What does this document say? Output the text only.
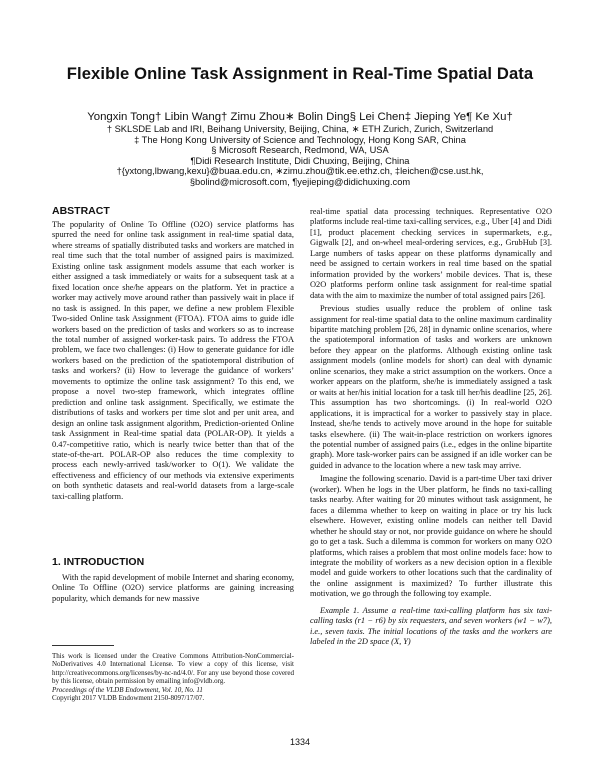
Flexible Online Task Assignment in Real-Time Spatial Data
Yongxin Tong† Libin Wang† Zimu Zhou∗ Bolin Ding§ Lei Chen‡ Jieping Ye¶ Ke Xu†
† SKLSDE Lab and IRI, Beihang University, Beijing, China, ∗ ETH Zurich, Zurich, Switzerland
‡ The Hong Kong University of Science and Technology, Hong Kong SAR, China
§ Microsoft Research, Redmond, WA, USA
¶Didi Research Institute, Didi Chuxing, Beijing, China
†{yxtong,lbwang,kexu}@buaa.edu.cn, ∗zimu.zhou@tik.ee.ethz.ch, ‡leichen@cse.ust.hk,
§bolind@microsoft.com, ¶yejieping@didichuxing.com
ABSTRACT

The popularity of Online To Offline (O2O) service platforms has spurred the need for online task assignment in real-time spatial data, where streams of spatially distributed tasks and workers are matched in real time such that the total number of assigned pairs is maximized. Existing online task assignment models assume that each worker is either assigned a task immediately or waits for a subsequent task at a fixed location once she/he appears on the platform. Yet in practice a worker may actively move around rather than passively wait in place if no task is assigned. In this paper, we define a new problem Flexible Two-sided Online task Assignment (FTOA). FTOA aims to guide idle workers based on the prediction of tasks and workers so as to increase the total number of assigned worker-task pairs. To address the FTOA problem, we face two challenges: (i) How to generate guidance for idle workers based on the prediction of the spatiotemporal distribution of tasks and workers? (ii) How to leverage the guidance of workers’ movements to optimize the online task assignment? To this end, we propose a novel two-step framework, which integrates offline prediction and online task assignment. Specifically, we estimate the distributions of tasks and workers per time slot and per unit area, and design an online task assignment algorithm, Prediction-oriented Online task Assignment in Real-time spatial data (POLAR-OP). It yields a 0.47-competitive ratio, which is nearly twice better than that of the state-of-the-art. POLAR-OP also reduces the time complexity to process each newly-arrived task/worker to O(1). We validate the effectiveness and efficiency of our methods via extensive experiments on both synthetic datasets and real-world datasets from a large-scale taxi-calling platform.

1. INTRODUCTION

With the rapid development of mobile Internet and sharing economy, Online To Offline (O2O) service platforms are gaining increasing popularity, which demands for new massive

This work is licensed under the Creative Commons Attribution-NonCommercial-NoDerivatives 4.0 International License. To view a copy of this license, visit http://creativecommons.org/licenses/by-nc-nd/4.0/. For any use beyond those covered by this license, obtain permission by emailing info@vldb.org.
Proceedings of the VLDB Endowment, Vol. 10, No. 11
Copyright 2017 VLDB Endowment 2150-8097/17/07.

real-time spatial data processing techniques. Representative O2O platforms include real-time taxi-calling services, e.g., Uber [4] and Didi [1], product placement checking services in supermarkets, e.g., Gigwalk [2], and on-wheel meal-ordering services, e.g., GrubHub [3]. Large numbers of tasks appear on these platforms dynamically and need be assigned to certain workers in real time based on the spatial information provided by the workers’ mobile devices. That is, these O2O platforms perform online task assignment for real-time spatial data with the aim to maximize the number of total assigned pairs [26].

Previous studies usually reduce the problem of online task assignment for real-time spatial data to the online maximum cardinality bipartite matching problem [26, 28] in dynamic online scenarios, where the spatiotemporal information of tasks and workers are unknown before they appear on the platforms. Although existing online task assignment models (online models for short) can deal with dynamic online scenarios, they make a strict assumption on the workers. Once a worker appears on the platform, she/he is immediately assigned a task or waits at her/his initial location for a task till her/his deadline [25, 26]. This assumption has two shortcomings. (i) In real-world O2O applications, it is impractical for a worker to passively stay in place. Instead, she/he tends to actively move around in the hope for suitable tasks elsewhere. (ii) The wait-in-place restriction on workers ignores the potential number of assigned pairs (i.e., edges in the online bipartite graph). More task-worker pairs can be assigned if an idle worker can be guided in advance to the location where a new task may arrive.

Imagine the following scenario. David is a part-time Uber taxi driver (worker). When he logs in the Uber platform, he finds no taxi-calling tasks nearby. After waiting for 20 minutes without task assignment, he faces a dilemma whether to keep on waiting in place or try his luck elsewhere. However, existing online models can neither tell David whether he should stay or not, nor provide guidance on where he should go to get a task. Such a dilemma is common for workers on many O2O platforms, which raises a problem that most online models face: how to integrate the mobility of workers as a new decision option in a flexible model and guide workers to other locations such that the cardinality of the online assignment is maximized? To further illustrate this motivation, we go through the following toy example.

Example 1. Assume a real-time taxi-calling platform has six taxi-calling tasks (r1 − r6) by six requesters, and seven workers (w1 − w7), i.e., seven taxis. The initial locations of the tasks and the workers are labeled in the 2D space (X, Y)

1334
